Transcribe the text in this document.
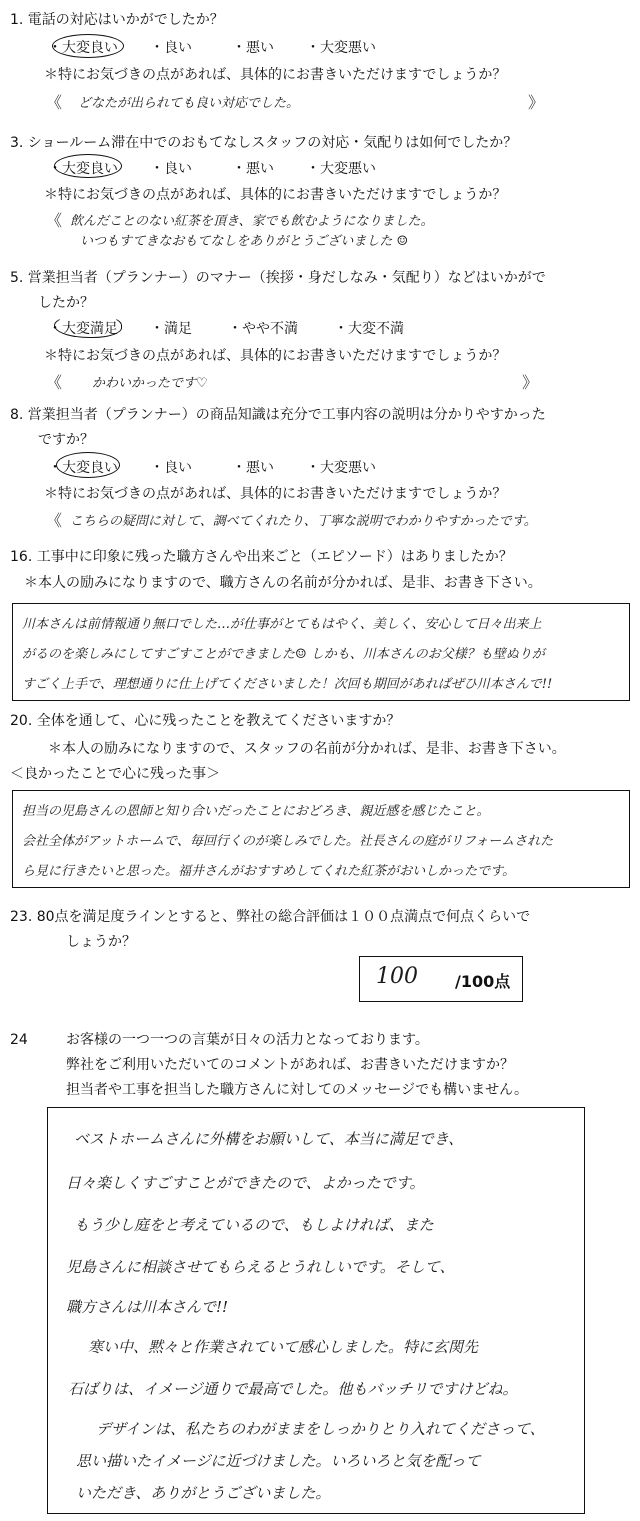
1. 電話の対応はいかがでしたか？
・大変良い ・良い	・悪い ・大変悪い
＊特にお気づきの点があれば、具体的にお書きいただけますでしょうか？
《 どなたが出られても良い対応でした。	》
3. ショールーム滞在中でのおもてなしスタッフの対応・気配りは如何でしたか？
・大変良い ・良い	・悪い ・大変悪い
＊特にお気づきの点があれば、具体的にお書きいただけますでしょうか？
《 飲んだことのない紅茶を頂き、家でも飲むようになりました。
いつもすてきなおもてなしをありがとうございました ☺
5. 営業担当者（プランナー）のマナー（挨拶・身だしなみ・気配り）などはいかがで
したか？
・大変満足 ・満足	・やや不満	・大変不満
＊特にお気づきの点があれば、具体的にお書きいただけますでしょうか？
《 かわいかったです♡	》
8. 営業担当者（プランナー）の商品知識は充分で工事内容の説明は分かりやすかった
ですか？
・大変良い ・良い	・悪い ・大変悪い
＊特にお気づきの点があれば、具体的にお書きいただけますでしょうか？
《 こちらの疑問に対して、調べてくれたり、丁寧な説明でわかりやすかったです。
16. 工事中に印象に残った職方さんや出来ごと（エピソード）はありましたか？
＊本人の励みになりますので、職方さんの名前が分かれば、是非、お書き下さい。
川本さんは前情報通り無口でした…が仕事がとてもはやく、美しく、安心して日々出来上
がるのを楽しみにしてすごすことができました☺ しかも、川本さんのお父様？も壁ぬりが
すごく上手で、理想通りに仕上げてくださいました！次回も期回があればぜひ川本さんで!!
20. 全体を通して、心に残ったことを教えてくださいますか？
＊本人の励みになりますので、スタッフの名前が分かれば、是非、お書き下さい。
＜良かったことで心に残った事＞
担当の児島さんの恩師と知り合いだったことにおどろき、親近感を感じたこと。
会社全体がアットホームで、毎回行くのが楽しみでした。社長さんの庭がリフォームされた
ら見に行きたいと思った。福井さんがおすすめしてくれた紅茶がおいしかったです。
23. 80点を満足度ラインとすると、弊社の総合評価は１００点満点で何点くらいで
しょうか？
100 /100点
24	お客様の一つ一つの言葉が日々の活力となっております。
弊社をご利用いただいてのコメントがあれば、お書きいただけますか？
担当者や工事を担当した職方さんに対してのメッセージでも構いません。
ベストホームさんに外構をお願いして、本当に満足でき、
日々楽しくすごすことができたので、よかったです。
もう少し庭をと考えているので、もしよければ、また
児島さんに相談させてもらえるとうれしいです。そして、
職方さんは川本さんで!!
寒い中、黙々と作業されていて感心しました。特に玄関先
石ばりは、イメージ通りで最高でした。他もバッチリですけどね。
デザインは、私たちのわがままをしっかりとり入れてくださって、
思い描いたイメージに近づけました。いろいろと気を配って
いただき、ありがとうございました。
